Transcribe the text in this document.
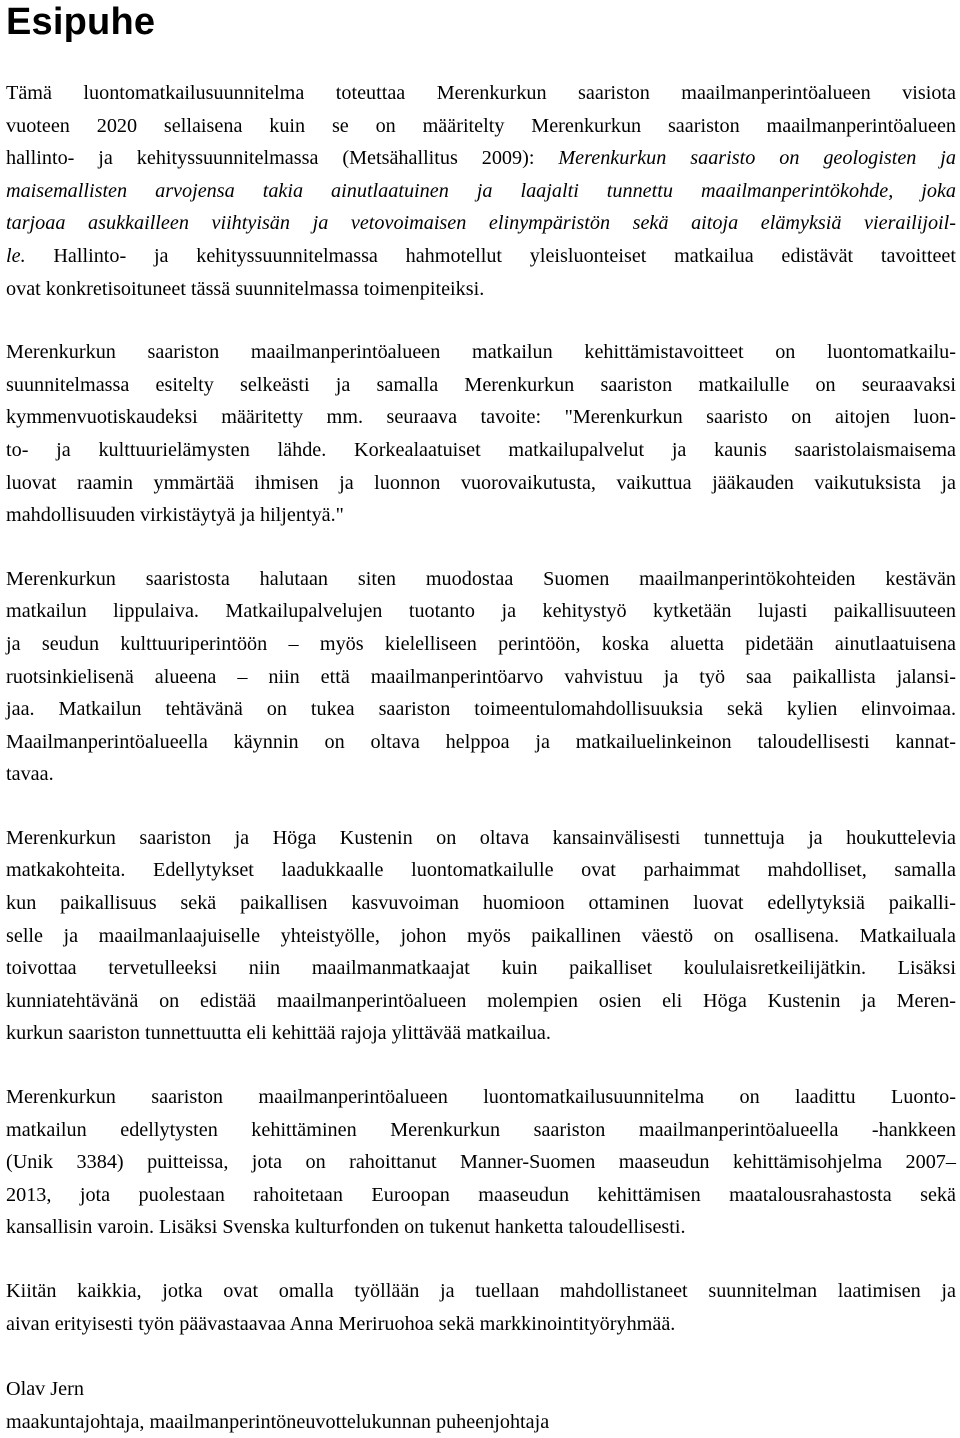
Esipuhe
Tämä luontomatkailusuunnitelma toteuttaa Merenkurkun saariston maailmanperintöalueen visiota
vuoteen 2020 sellaisena kuin se on määritelty Merenkurkun saariston maailmanperintöalueen
hallinto- ja kehityssuunnitelmassa (Metsähallitus 2009): Merenkurkun saaristo on geologisten ja
maisemallisten arvojensa takia ainutlaatuinen ja laajalti tunnettu maailmanperintökohde, joka
tarjoaa asukkailleen viihtyisän ja vetovoimaisen elinympäristön sekä aitoja elämyksiä vierailijoil-
le. Hallinto- ja kehityssuunnitelmassa hahmotellut yleisluonteiset matkailua edistävät tavoitteet
ovat konkretisoituneet tässä suunnitelmassa toimenpiteiksi.
Merenkurkun saariston maailmanperintöalueen matkailun kehittämistavoitteet on luontomatkailu-
suunnitelmassa esitelty selkeästi ja samalla Merenkurkun saariston matkailulle on seuraavaksi
kymmenvuotiskaudeksi määritetty mm. seuraava tavoite: "Merenkurkun saaristo on aitojen luon-
to- ja kulttuurielämysten lähde. Korkealaatuiset matkailupalvelut ja kaunis saaristolaismaisema
luovat raamin ymmärtää ihmisen ja luonnon vuorovaikutusta, vaikuttua jääkauden vaikutuksista ja
mahdollisuuden virkistäytyä ja hiljentyä."
Merenkurkun saaristosta halutaan siten muodostaa Suomen maailmanperintökohteiden kestävän
matkailun lippulaiva. Matkailupalvelujen tuotanto ja kehitystyö kytketään lujasti paikallisuuteen
ja seudun kulttuuriperintöön – myös kielelliseen perintöön, koska aluetta pidetään ainutlaatuisena
ruotsinkielisenä alueena – niin että maailmanperintöarvo vahvistuu ja työ saa paikallista jalansi-
jaa. Matkailun tehtävänä on tukea saariston toimeentulomahdollisuuksia sekä kylien elinvoimaa.
Maailmanperintöalueella käynnin on oltava helppoa ja matkailuelinkeinon taloudellisesti kannat-
tavaa.
Merenkurkun saariston ja Höga Kustenin on oltava kansainvälisesti tunnettuja ja houkuttelevia
matkakohteita. Edellytykset laadukkaalle luontomatkailulle ovat parhaimmat mahdolliset, samalla
kun paikallisuus sekä paikallisen kasvuvoiman huomioon ottaminen luovat edellytyksiä paikalli-
selle ja maailmanlaajuiselle yhteistyölle, johon myös paikallinen väestö on osallisena. Matkailuala
toivottaa tervetulleeksi niin maailmanmatkaajat kuin paikalliset koululaisretkeilijätkin. Lisäksi
kunniatehtävänä on edistää maailmanperintöalueen molempien osien eli Höga Kustenin ja Meren-
kurkun saariston tunnettuutta eli kehittää rajoja ylittävää matkailua.
Merenkurkun saariston maailmanperintöalueen luontomatkailusuunnitelma on laadittu Luonto-
matkailun edellytysten kehittäminen Merenkurkun saariston maailmanperintöalueella -hankkeen
(Unik 3384) puitteissa, jota on rahoittanut Manner-Suomen maaseudun kehittämisohjelma 2007–
2013, jota puolestaan rahoitetaan Euroopan maaseudun kehittämisen maatalousrahastosta sekä
kansallisin varoin. Lisäksi Svenska kulturfonden on tukenut hanketta taloudellisesti.
Kiitän kaikkia, jotka ovat omalla työllään ja tuellaan mahdollistaneet suunnitelman laatimisen ja
aivan erityisesti työn päävastaavaa Anna Meriruohoa sekä markkinointityöryhmää.
Olav Jern
maakuntajohtaja, maailmanperintöneuvottelukunnan puheenjohtaja
